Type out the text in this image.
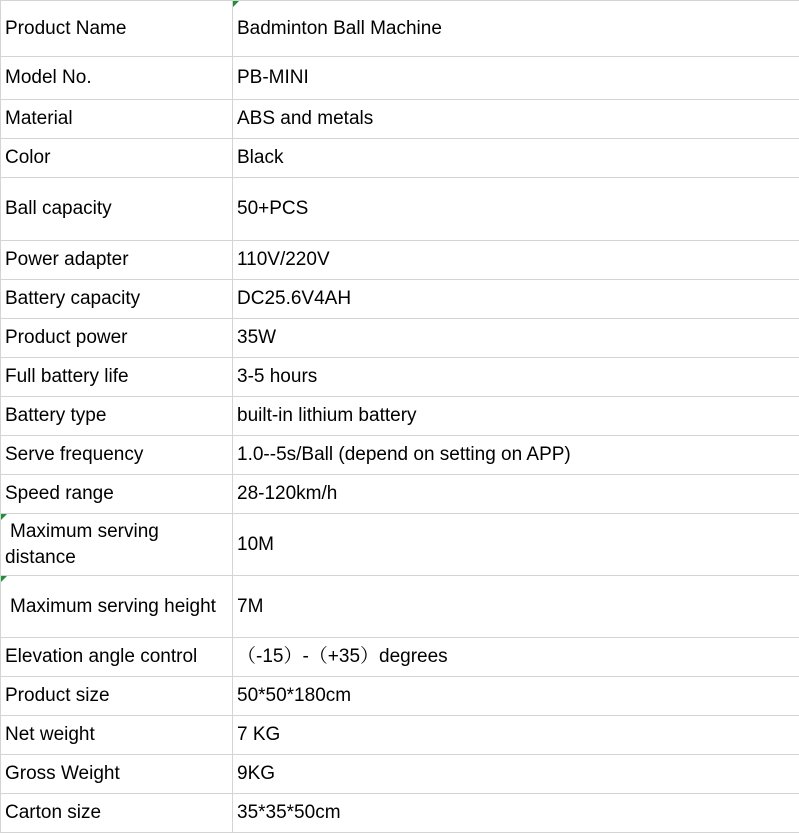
Product Name	Badminton Ball Machine
Model No.	PB-MINI
Material	ABS and metals
Color	Black
Ball capacity	50+PCS
Power adapter	110V/220V
Battery capacity	DC25.6V4AH
Product power	35W
Full battery life	3-5 hours
Battery type	built-in lithium battery
Serve frequency	1.0--5s/Ball (depend on setting on APP)
Speed range	28-120km/h

Maximum serving distance	10M

Maximum serving height	7M
Elevation angle control	（-15）-（+35）degrees
Product size	50*50*180cm
Net weight	7 KG
Gross Weight	9KG
Carton size	35*35*50cm
